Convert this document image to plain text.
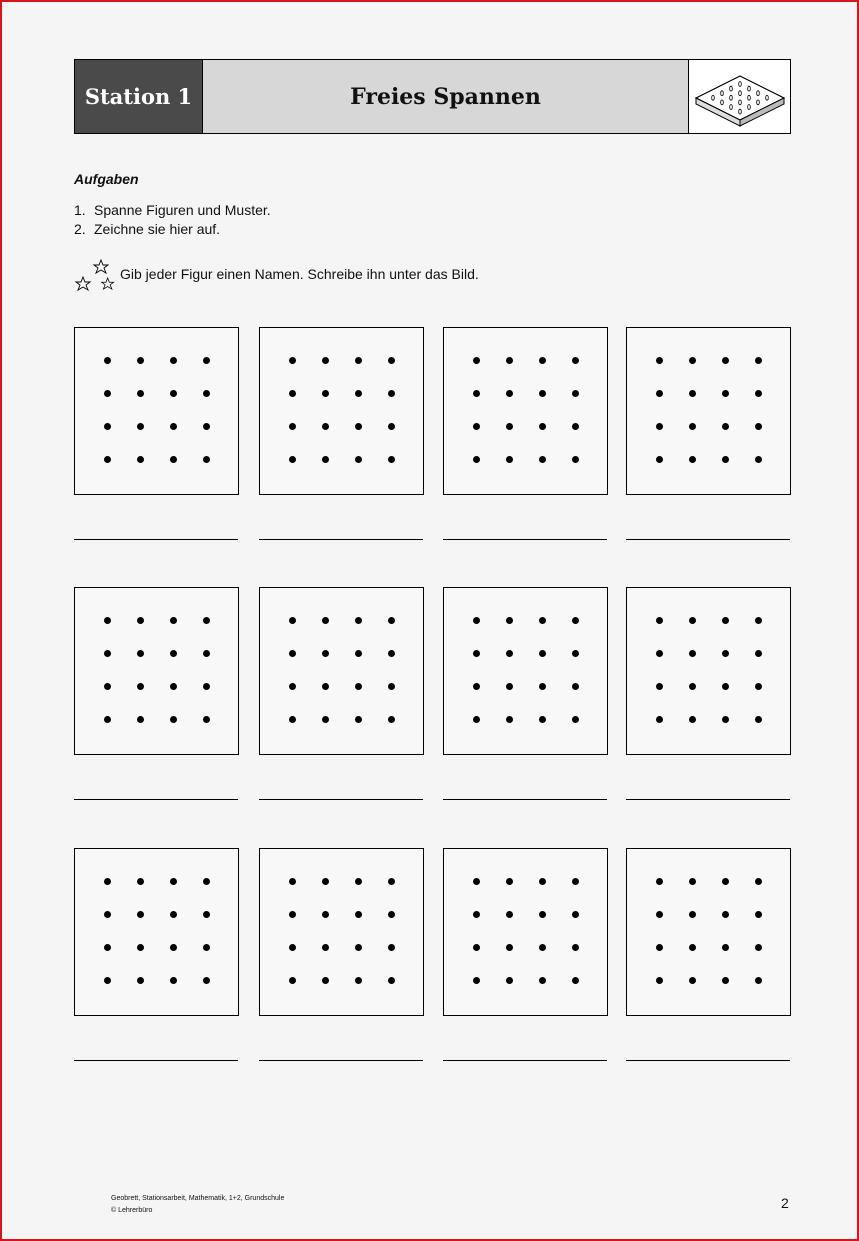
Station 1	Freies Spannen
Aufgaben
1. Spanne Figuren und Muster.
2. Zeichne sie hier auf.
Gib jeder Figur einen Namen. Schreibe ihn unter das Bild.
Geobrett, Stationsarbeit, Mathematik, 1+2, Grundschule
© Lehrerbüro	2
